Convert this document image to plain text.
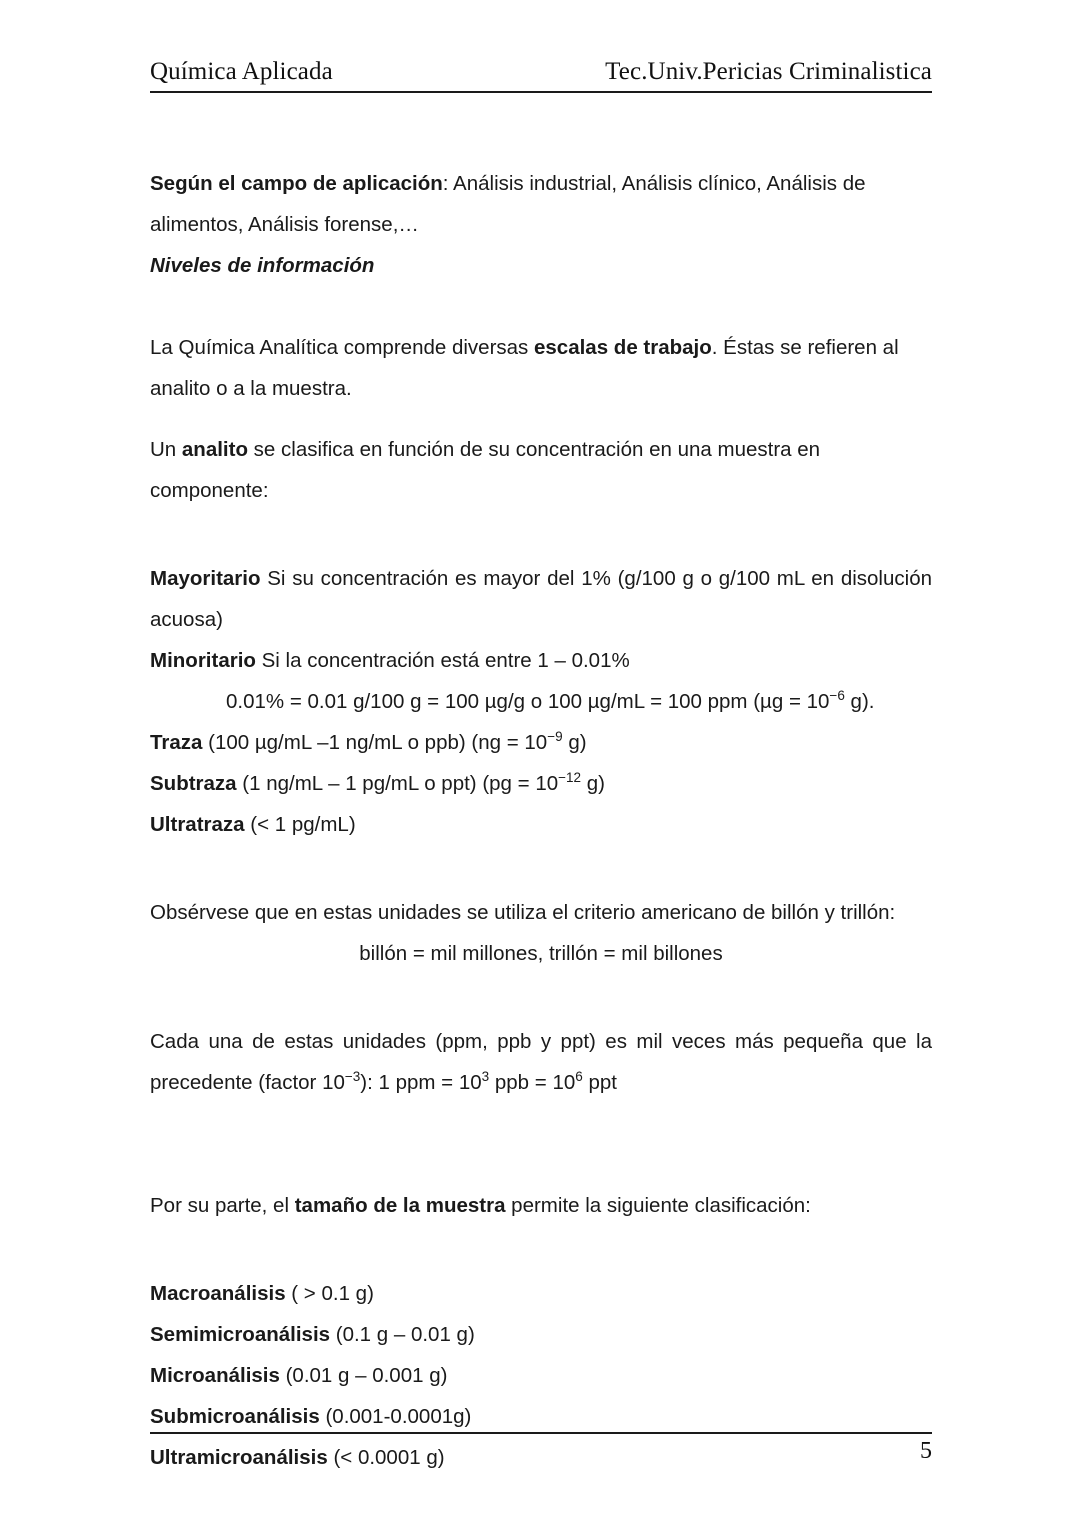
Química Aplicada	Tec.Univ.Pericias Criminalistica

Según el campo de aplicación: Análisis industrial, Análisis clínico, Análisis de alimentos, Análisis forense,…

Niveles de información

La Química Analítica comprende diversas escalas de trabajo. Éstas se refieren al analito o a la muestra.

Un analito se clasifica en función de su concentración en una muestra en componente:

Mayoritario Si su concentración es mayor del 1% (g/100 g o g/100 mL en disolución acuosa)

Minoritario Si la concentración está entre 1 – 0.01%

0.01% = 0.01 g/100 g = 100 µg/g o 100 µg/mL = 100 ppm ($\mu g = 10^{-6}$ g).

Traza (100 µg/mL –1 ng/mL o ppb) ($ng = 10^{-9}$ g)

Subtraza (1 ng/mL – 1 pg/mL o ppt) ($pg = 10^{-12}$ g)

Ultratraza (< 1 pg/mL)

Obsérvese que en estas unidades se utiliza el criterio americano de billón y trillón:

billón = mil millones, trillón = mil billones

Cada una de estas unidades (ppm, ppb y ppt) es mil veces más pequeña que la precedente (factor $10^{-3}$): 1 ppm = $10^3$ ppb = $10^6$ ppt

Por su parte, el tamaño de la muestra permite la siguiente clasificación:

Macroanálisis ( > 0.1 g)

Semimicroanálisis (0.1 g – 0.01 g)

Microanálisis (0.01 g – 0.001 g)

Submicroanálisis (0.001-0.0001g)

Ultramicroanálisis (< 0.0001 g)	5
